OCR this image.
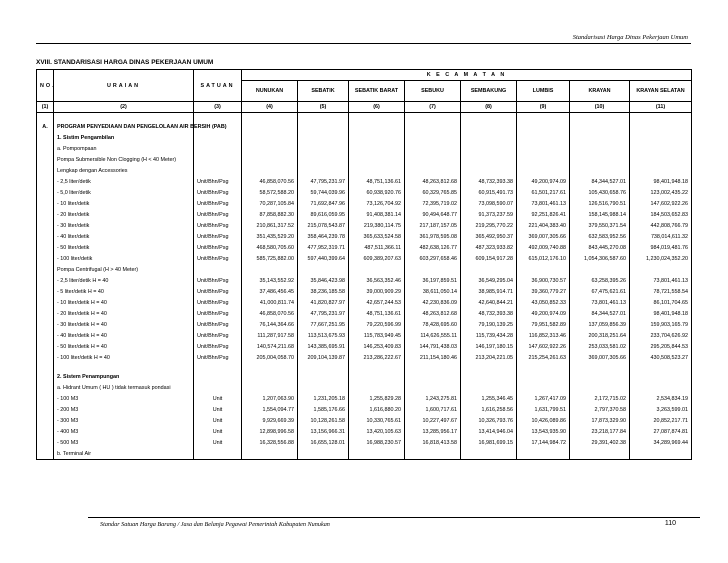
Standarisasi Harga Dinas Pekerjaan Umum
XVIII. STANDARISASI HARGA DINAS PEKERJAAN UMUM
NO.	URAIAN	SATUAN	K E C A M A T A N							
			NUNUKAN	SEBATIK	SEBATIK BARAT	SEBUKU	SEMBAKUNG	LUMBIS	KRAYAN	KRAYAN SELATAN
(1)	(2)	(3)	(4)	(5)	(6)	(7)	(8)	(9)	(10)	(11)

A.	PROGRAM PENYEDIAAN DAN PENGELOLAAN AIR BERSIH (PAB)									
	1. Sistim Pengambilan									
	a. Pompompaan									
	Pompa Submersible Non Clogging (H < 40 Meter)									
	Lengkap dengan Accessories									
	- 2,5 liter/detik	Unit/Bhn/Psg	46,858,070.56	47,795,231.97	48,751,136.61	48,263,812.68	48,732,393.38	49,200,974.09	84,344,527.01	98,401,948.18
	- 5,0 liter/detik	Unit/Bhn/Psg	58,572,588.20	59,744,039.96	60,938,920.76	60,329,765.85	60,915,491.73	61,501,217.61	105,430,658.76	123,002,435.22
	- 10 liter/detik	Unit/Bhn/Psg	70,287,105.84	71,692,847.96	73,126,704.92	72,395,719.02	73,098,590.07	73,801,461.13	126,516,790.51	147,602,922.26
	- 20 liter/detik	Unit/Bhn/Psg	87,858,882.30	89,616,059.95	91,408,381.14	90,494,648.77	91,373,237.59	92,251,826.41	158,145,988.14	184,503,652.83
	- 30 liter/detik	Unit/Bhn/Psg	210,861,317.52	215,078,543.87	219,380,114.75	217,187,157.05	219,295,770.22	221,404,383.40	379,550,371.54	442,808,766.79
	- 40 liter/detik	Unit/Bhn/Psg	351,435,529.20	358,464,239.78	365,633,524.58	361,978,595.08	365,492,950.37	369,007,305.66	632,583,952.56	738,014,611.32
	- 50 liter/detik	Unit/Bhn/Psg	468,580,705.60	477,952,319.71	487,511,366.11	482,638,126.77	487,323,933.82	492,009,740.88	843,445,270.08	984,019,481.76
	- 100 liter/detik	Unit/Bhn/Psg	585,725,882.00	597,440,399.64	609,389,207.63	603,297,658.46	609,154,917.28	615,012,176.10	1,054,306,587.60	1,230,024,352.20
	Pompa Centrifugal (H > 40 Meter)									
	- 2,5 liter/detik H = 40	Unit/Bhn/Psg	35,143,552.92	35,846,423.98	36,563,352.46	36,197,859.51	36,549,295.04	36,900,730.57	63,258,395.26	73,801,461.13
	- 5 liter/detik H = 40	Unit/Bhn/Psg	37,486,456.45	38,236,185.58	39,000,909.29	38,611,050.14	38,985,914.71	39,360,779.27	67,475,621.61	78,721,558.54
	- 10 liter/detik H = 40	Unit/Bhn/Psg	41,000,811.74	41,820,827.97	42,657,244.53	42,230,836.09	42,640,844.21	43,050,852.33	73,801,461.13	86,101,704.65
	- 20 liter/detik H = 40	Unit/Bhn/Psg	46,858,070.56	47,795,231.97	48,751,136.61	48,263,812.68	48,732,393.38	49,200,974.09	84,344,527.01	98,401,948.18
	- 30 liter/detik H = 40	Unit/Bhn/Psg	76,144,364.66	77,667,251.95	79,220,596.99	78,428,695.60	79,190,139.25	79,951,582.89	137,059,856.39	159,903,165.79
	- 40 liter/detik H = 40	Unit/Bhn/Psg	111,287,917.58	113,513,675.93	115,783,949.45	114,626,555.11	115,739,434.28	116,852,313.46	200,318,251.64	233,704,626.92
	- 50 liter/detik H = 40	Unit/Bhn/Psg	140,574,211.68	143,385,695.91	146,253,409.83	144,791,438.03	146,197,180.15	147,602,922.26	253,033,581.02	295,205,844.53
	- 100 liter/detik H = 40	Unit/Bhn/Psg	205,004,058.70	209,104,139.87	213,286,222.67	211,154,180.46	213,204,221.05	215,254,261.63	369,007,305.66	430,508,523.27

	2. Sistem Penampungan									
	a. Hidrant Umum ( HU ) tidak termasuk pondasi									
	- 100 M3	Unit	1,207,063.90	1,231,205.18	1,255,829.28	1,243,275.81	1,255,346.45	1,267,417.09	2,172,715.02	2,534,834.19
	- 200 M3	Unit	1,554,094.77	1,585,176.66	1,616,880.20	1,600,717.61	1,616,258.56	1,631,799.51	2,797,370.58	3,263,599.01
	- 300 M3	Unit	9,929,669.39	10,128,261.58	10,330,765.61	10,227,497.67	10,326,793.76	10,426,089.86	17,873,329.90	20,852,217.71
	- 400 M3	Unit	12,898,996.58	13,156,966.31	13,420,105.63	13,285,956.17	13,414,946.04	13,543,935.90	23,218,177.84	27,087,874.81
	- 500 M3	Unit	16,328,556.88	16,655,128.01	16,988,230.57	16,818,413.58	16,981,699.15	17,144,984.72	29,391,402.38	34,289,969.44
	b. Terminal Air									
Standar Satuan Harga Barang / Jasa dan Belanja Pegawai Pemerintah Kabupaten Nunukan	110
